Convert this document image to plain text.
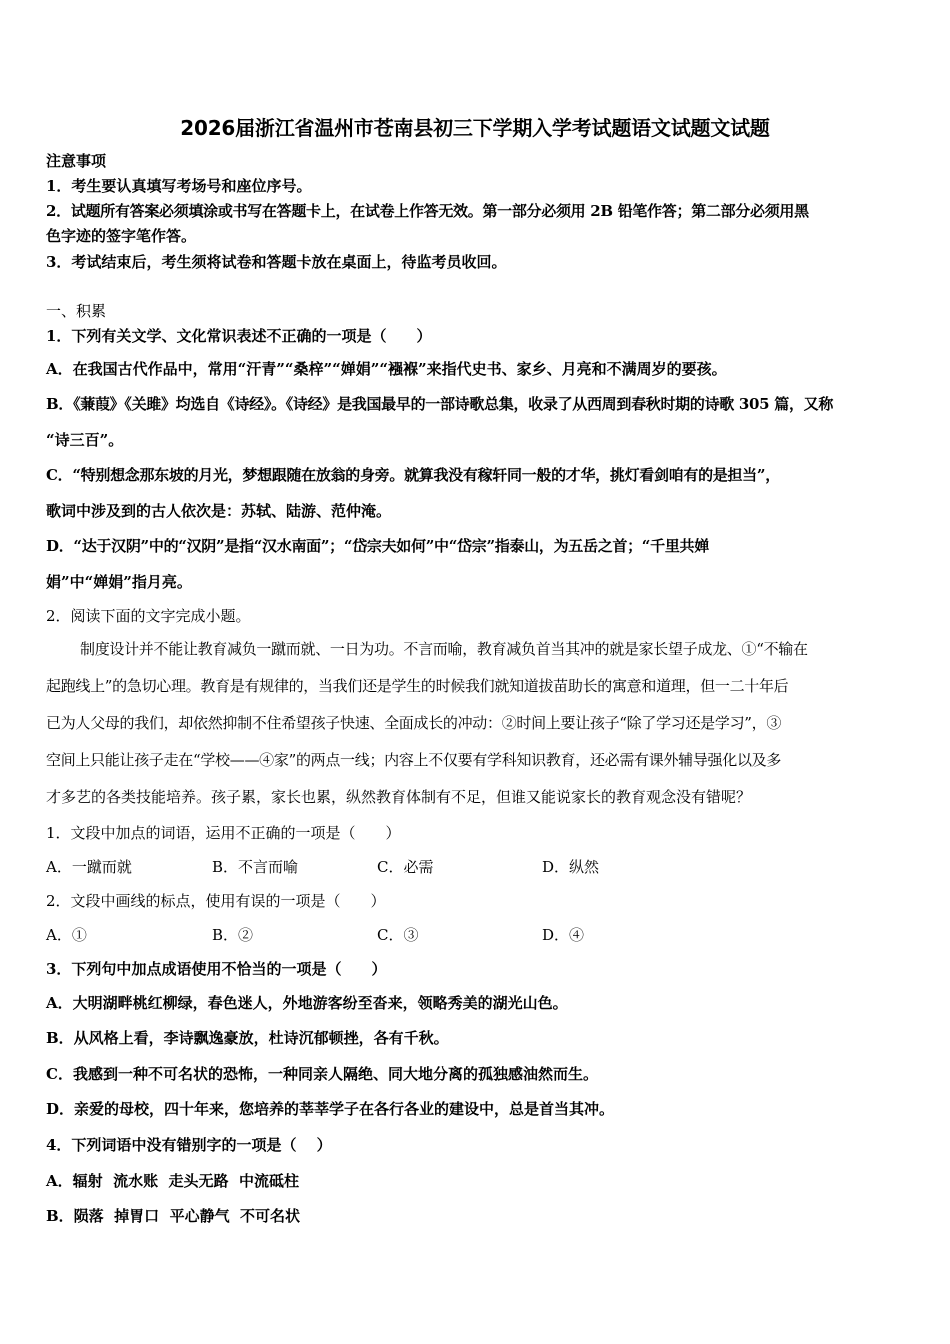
2026届浙江省温州市苍南县初三下学期入学考试题语文试题文试题
注意事项
1．考生要认真填写考场号和座位序号。
2．试题所有答案必须填涂或书写在答题卡上，在试卷上作答无效。第一部分必须用 2B 铅笔作答；第二部分必须用黑
色字迹的签字笔作答。
3．考试结束后，考生须将试卷和答题卡放在桌面上，待监考员收回。
一、积累
1．下列有关文学、文化常识表述不正确的一项是（　　）
A．在我国古代作品中，常用“汗青”“桑梓”“婵娟”“襁褓”来指代史书、家乡、月亮和不满周岁的要孩。
B．《蒹葭》《关雎》均选自《诗经》。《诗经》是我国最早的一部诗歌总集，收录了从西周到春秋时期的诗歌 305 篇，又称
“诗三百”。
C．“特别想念那东坡的月光，梦想跟随在放翁的身旁。就算我没有稼轩同一般的才华，挑灯看剑咱有的是担当”，
歌词中涉及到的古人依次是：苏轼、陆游、范仲淹。
D．“达于汉阴”中的“汉阴”是指“汉水南面”；“岱宗夫如何”中“岱宗”指泰山，为五岳之首；“千里共婵
娟”中“婵娟”指月亮。
2．阅读下面的文字完成小题。
制度设计并不能让教育减负一蹴而就、一日为功。不言而喻，教育减负首当其冲的就是家长望子成龙、①“不输在
起跑线上”的急切心理。教育是有规律的，当我们还是学生的时候我们就知道拔苗助长的寓意和道理，但一二十年后
已为人父母的我们，却依然抑制不住希望孩子快速、全面成长的冲动：②时间上要让孩子“除了学习还是学习”，③
空间上只能让孩子走在“学校——④家”的两点一线；内容上不仅要有学科知识教育，还必需有课外辅导强化以及多
才多艺的各类技能培养。孩子累，家长也累，纵然教育体制有不足，但谁又能说家长的教育观念没有错呢？
1．文段中加点的词语，运用不正确的一项是（　　）
A．一蹴而就	B．不言而喻	C．必需	D．纵然
2．文段中画线的标点，使用有误的一项是（　　）
A．①	B．②	C．③	D．④
3．下列句中加点成语使用不恰当的一项是（　　）
A．大明湖畔桃红柳绿，春色迷人，外地游客纷至沓来，领略秀美的湖光山色。
B．从风格上看，李诗飘逸豪放，杜诗沉郁顿挫，各有千秋。
C．我感到一种不可名状的恐怖，一种同亲人隔绝、同大地分离的孤独感油然而生。
D．亲爱的母校，四十年来，您培养的莘莘学子在各行各业的建设中，总是首当其冲。
4．下列词语中没有错别字的一项是（　 ）
A．辐射  流水账  走头无路  中流砥柱
B．陨落  掉胃口  平心静气  不可名状
